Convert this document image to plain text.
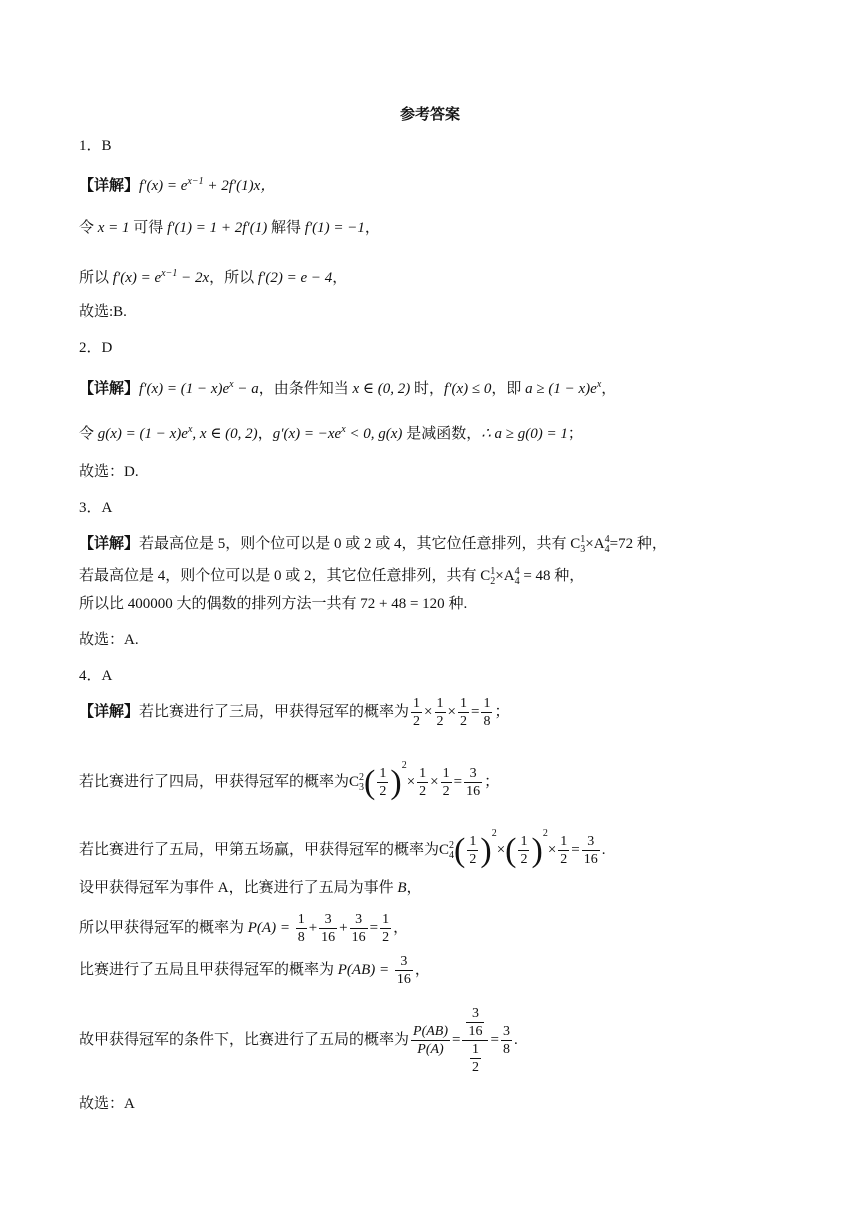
参考答案
1．B
【详解】$f'(x) = e^{x-1} + 2f'(1)x$，
令 x = 1 可得 f′(1) = 1 + 2f′(1) 解得 f′(1) = −1，
所以 $f'(x) = e^{x-1} - 2x$，所以 f′(2) = e − 4，
故选:B.
2．D
【详解】$f'(x) = (1 - x)e^x - a$，由条件知当 x ∈ (0, 2) 时，f′(x) ≤ 0，即 $a \ge (1 - x)e^x$，
令 $g(x) = (1 - x)e^x$, x ∈ (0, 2)，$g'(x) = -xe^x < 0$, g(x) 是减函数，∴ a ≥ g(0) = 1；
故选：D.
3．A
【详解】若最高位是 5，则个位可以是 0 或 2 或 4，其它位任意排列，共有 $C^1_3\times A^4_4=72$ 种，
若最高位是 4，则个位可以是 0 或 2，其它位任意排列，共有 $C^1_2\times A^4_4 = 48$ 种，
所以比 400000 大的偶数的排列方法一共有 72 + 48 = 120 种.
故选：A.
4．A
【详解】若比赛进行了三局，甲获得冠军的概率为 $\frac{1}{2} \times \frac{1}{2} \times \frac{1}{2} = \frac{1}{8}$ ；
若比赛进行了四局，甲获得冠军的概率为$C^2_3( \frac{1}{2} )^2\times \frac{1}{2} \times \frac{1}{2} = \frac{3}{16}$ ；
若比赛进行了五局，甲第五场赢，甲获得冠军的概率为$C^2_4( \frac{1}{2} )^2\times( \frac{1}{2} )^2\times \frac{1}{2} = \frac{3}{16}$ .
设甲获得冠军为事件 A，比赛进行了五局为事件 B，
所以甲获得冠军的概率为 $P(A) = \frac{1}{8} + \frac{3}{16} + \frac{3}{16} = \frac{1}{2}$ ，
比赛进行了五局且甲获得冠军的概率为 $P(AB) = \frac{3}{16}$ ，
故甲获得冠军的条件下，比赛进行了五局的概率为 $\frac{P(AB)}{P(A)} = \frac{\frac{3}{16}}{\frac{1}{2}} = \frac{3}{8}$ .
故选：A
